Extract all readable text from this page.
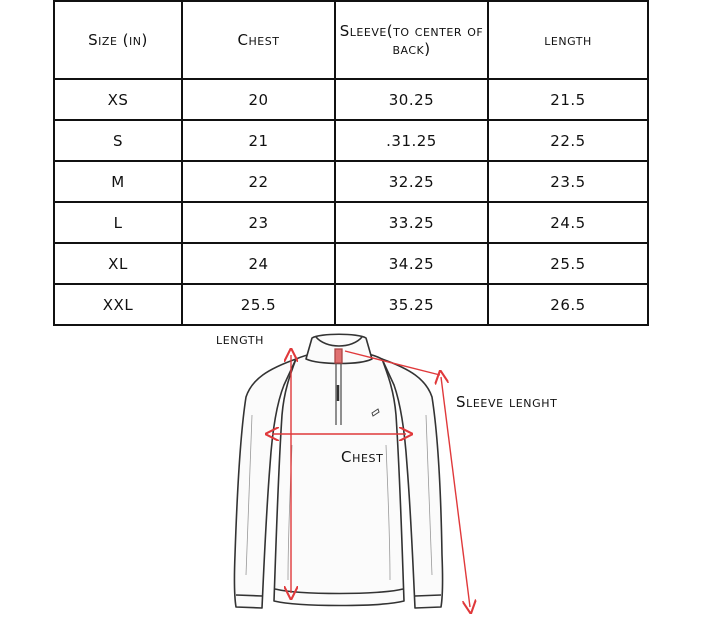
Size (in)	Chest	Sleeve(to center of back)	length
XS	20	30.25	21.5
S	21	.31.25	22.5
M	22	32.25	23.5
L	23	33.25	24.5
XL	24	34.25	25.5
XXL	25.5	35.25	26.5
length
Sleeve lenght
Chest
